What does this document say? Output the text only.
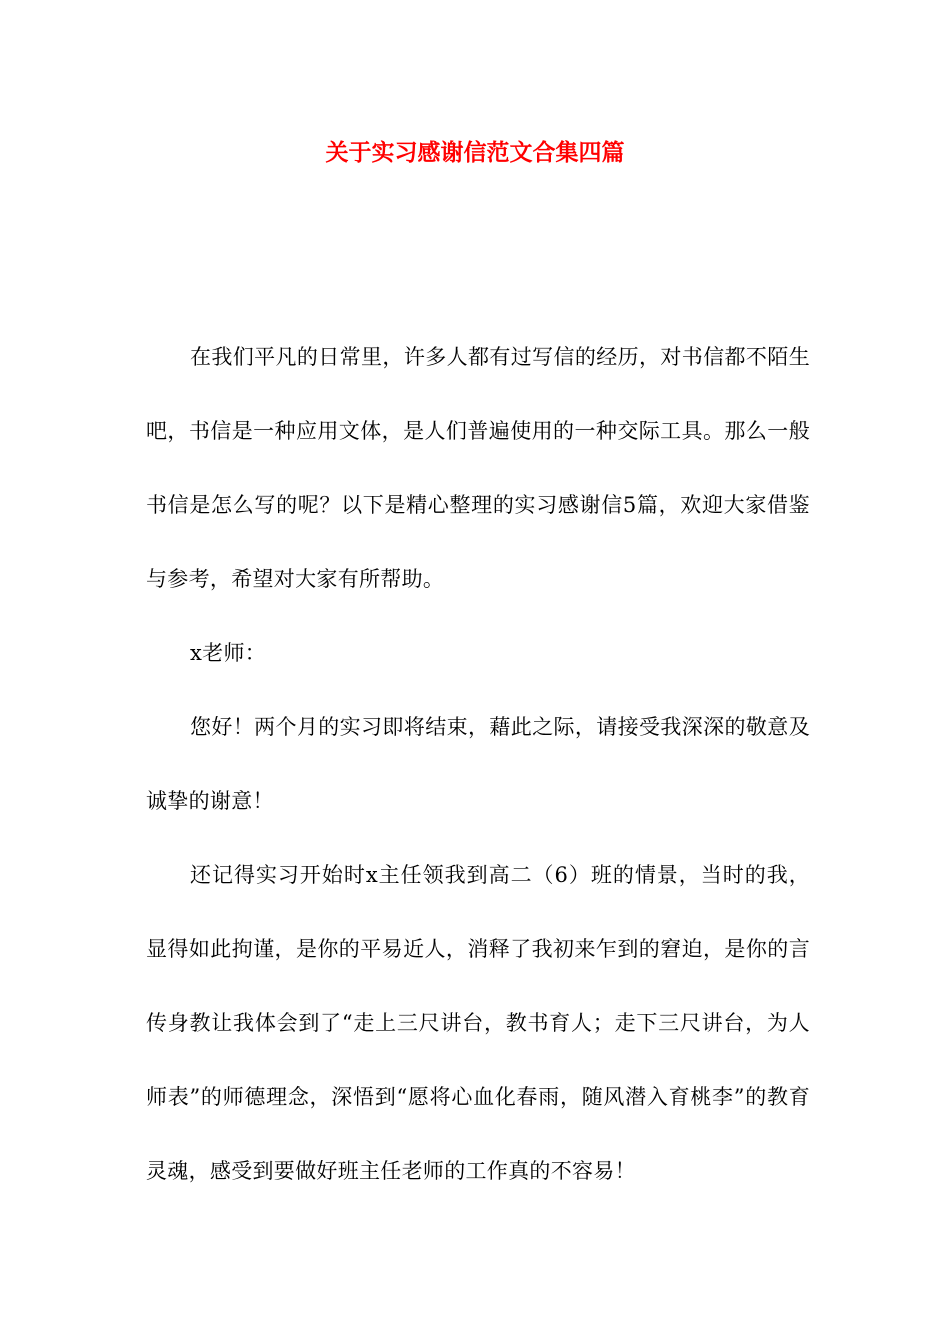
关于实习感谢信范文合集四篇

在我们平凡的日常里，许多人都有过写信的经历，对书信都不陌生吧，书信是一种应用文体，是人们普遍使用的一种交际工具。那么一般书信是怎么写的呢？以下是精心整理的实习感谢信5篇，欢迎大家借鉴与参考，希望对大家有所帮助。

x老师：

您好！两个月的实习即将结束，藉此之际，请接受我深深的敬意及诚挚的谢意！

还记得实习开始时x主任领我到高二（6）班的情景，当时的我，显得如此拘谨，是你的平易近人，消释了我初来乍到的窘迫，是你的言传身教让我体会到了“走上三尺讲台，教书育人；走下三尺讲台，为人师表”的师德理念，深悟到“愿将心血化春雨，随风潜入育桃李”的教育灵魂，感受到要做好班主任老师的工作真的不容易！
